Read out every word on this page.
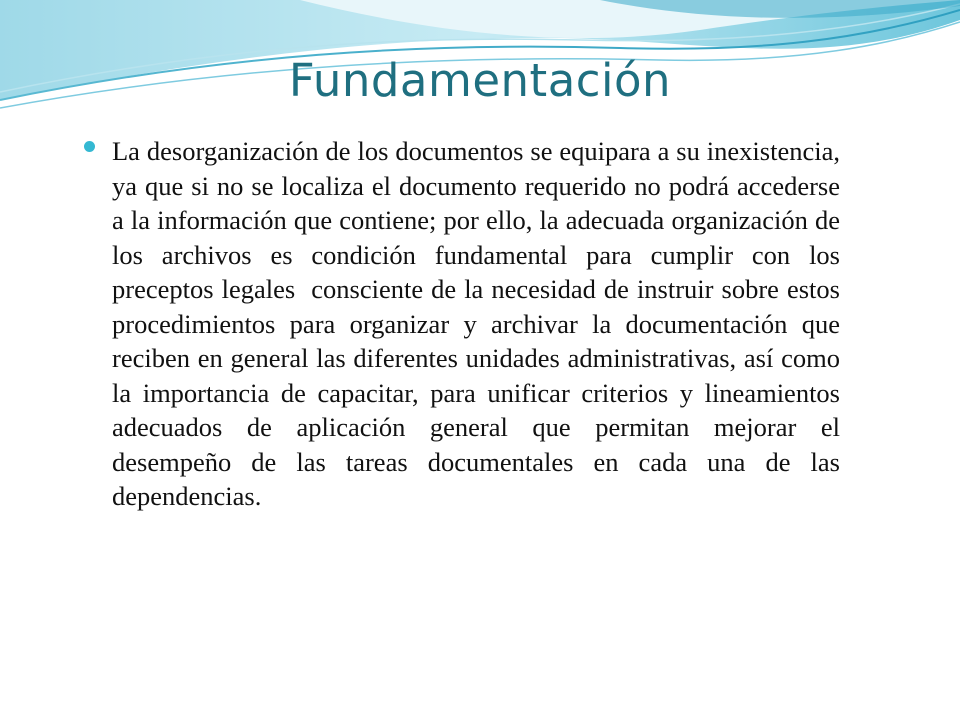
Fundamentación
La desorganización de los documentos se equipara a su inexistencia, ya que si no se localiza el documento requerido no podrá accederse a la información que contiene; por ello, la adecuada organización de los archivos es condición fundamental para cumplir con los preceptos legales  consciente de la necesidad de instruir sobre estos procedimientos para organizar y archivar la documentación que reciben en general las diferentes unidades administrativas, así como la importancia de capacitar, para unificar criterios y lineamientos adecuados de aplicación general que permitan mejorar el desempeño de las tareas documentales en cada una de las dependencias.
